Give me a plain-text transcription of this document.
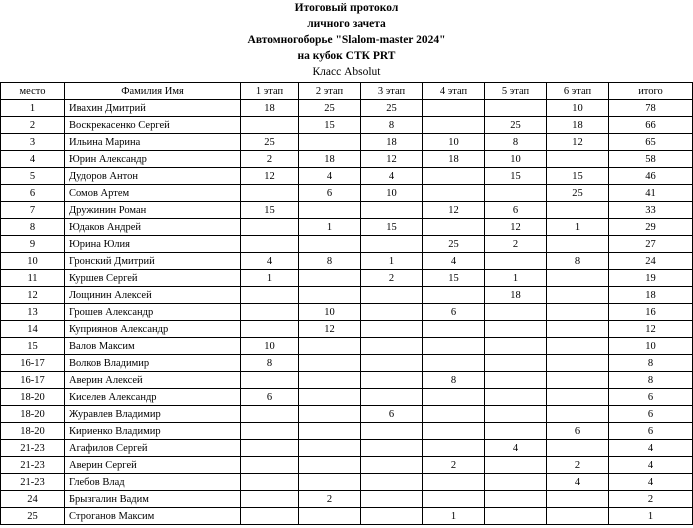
Итоговый протокол
личного зачета
Автомногоборье "Slalom-master 2024"
на кубок СТК PRT
Класс Absolut
место	Фамилия Имя	1 этап	2 этап	3 этап	4 этап	5 этап	6 этап	итого
1	Ивахин Дмитрий	18	25	25			10	78
2	Воскрекасенко Сергей		15	8		25	18	66
3	Ильина Марина	25		18	10	8	12	65
4	Юрин Александр	2	18	12	18	10		58
5	Дудоров Антон	12	4	4		15	15	46
6	Сомов Артем		6	10			25	41
7	Дружинин Роман	15			12	6		33
8	Юдаков Андрей		1	15		12	1	29
9	Юрина Юлия				25	2		27
10	Гронский Дмитрий	4	8	1	4		8	24
11	Куршев Сергей	1		2	15	1		19
12	Лощинин Алексей					18		18
13	Грошев Александр		10		6			16
14	Куприянов Александр		12					12
15	Валов Максим	10						10
16-17	Волков Владимир	8						8
16-17	Аверин Алексей				8			8
18-20	Киселев Александр	6						6
18-20	Журавлев Владимир			6				6
18-20	Кириенко Владимир						6	6
21-23	Агафилов Сергей					4		4
21-23	Аверин Сергей				2		2	4
21-23	Глебов Влад						4	4
24	Брызгалин Вадим		2					2
25	Строганов Максим				1			1
